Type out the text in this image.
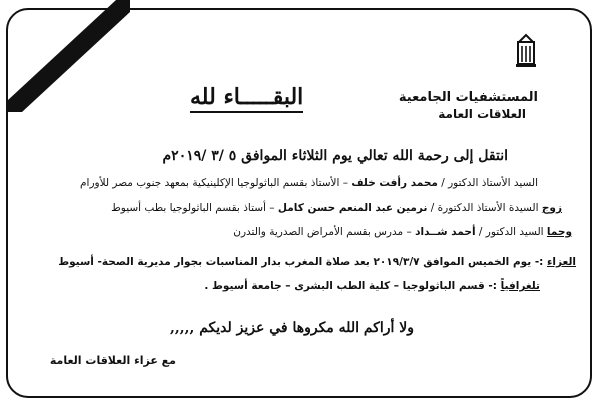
المستشفيات الجامعية
العلاقات العامة
البقـــــاء لله
انتقل إلى رحمة الله تعالي يوم الثلاثاء الموافق ٥ /٣ /٢٠١٩م
السيد الأستاذ الدكتور / محمد رأفت خلف – الأستاذ بقسم الباثولوجيا الإكلينيكية بمعهد جنوب مصر للأورام
زوج السيدة الأستاذ الدكتورة / نرمين عبد المنعم حسن كامل – أستاذ بقسم الباثولوجيا بطب أسيوط
وحما السيد الدكتور / أحمد شــداد – مدرس بقسم الأمراض الصدرية والتدرن
العزاء :- يوم الخميس الموافق ٢٠١٩/٣/٧ بعد صلاة المغرب بدار المناسبات بجوار مديرية الصحة- أسيوط
تلغرافياً :- قسم الباثولوجيا – كلية الطب البشرى – جامعة أسيوط .
ولا أراكم الله مكروها في عزيز لديكم ,,,,,
مع عزاء العلاقات العامة
